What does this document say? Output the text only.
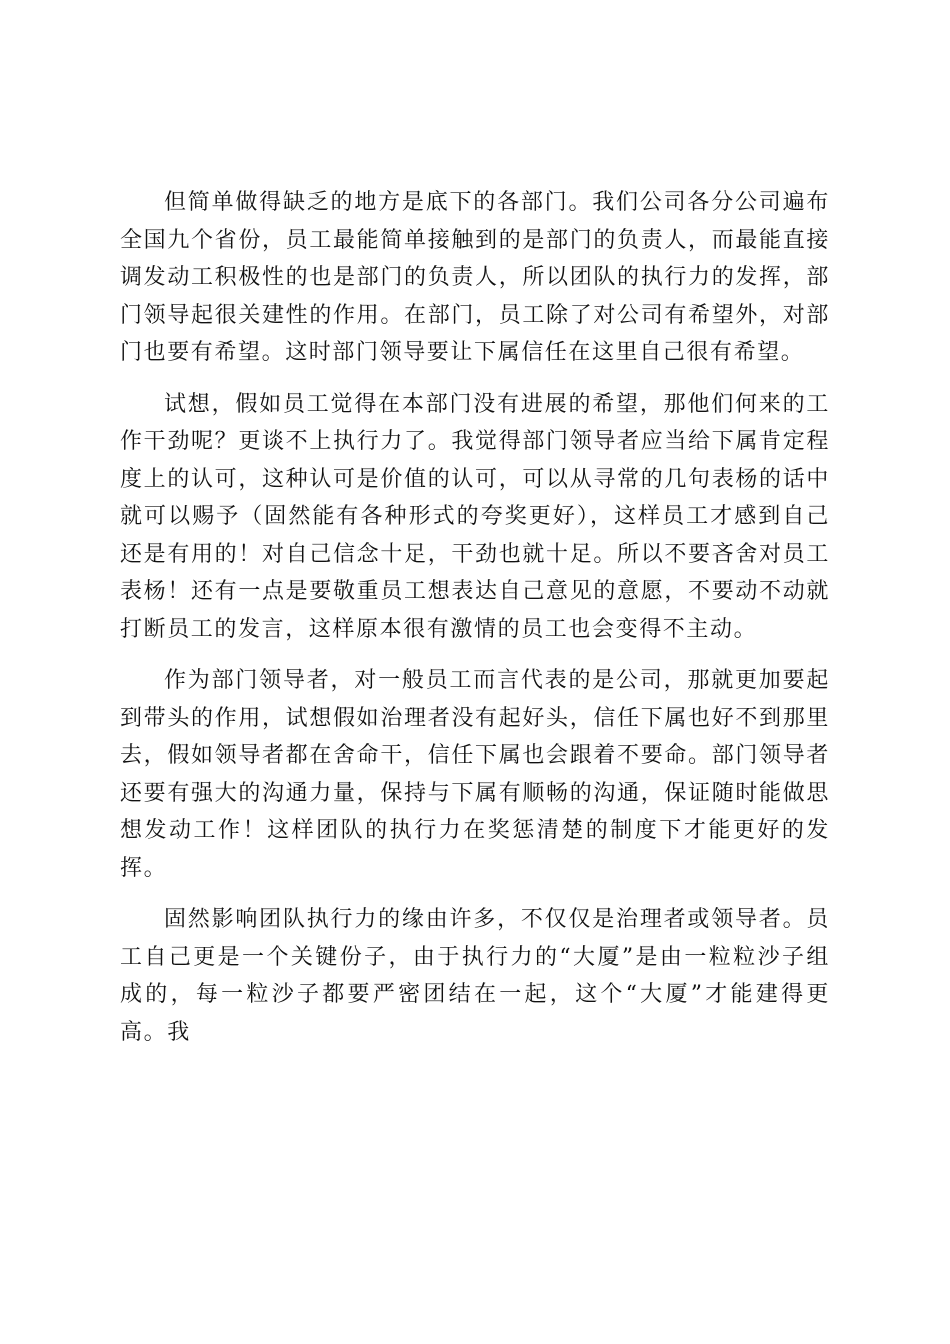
但简单做得缺乏的地方是底下的各部门。我们公司各分公司遍布全国九个省份，员工最能简单接触到的是部门的负责人，而最能直接调发动工积极性的也是部门的负责人，所以团队的执行力的发挥，部门领导起很关建性的作用。在部门，员工除了对公司有希望外，对部门也要有希望。这时部门领导要让下属信任在这里自己很有希望。

试想，假如员工觉得在本部门没有进展的希望，那他们何来的工作干劲呢？更谈不上执行力了。我觉得部门领导者应当给下属肯定程度上的认可，这种认可是价值的认可，可以从寻常的几句表杨的话中就可以赐予（固然能有各种形式的夸奖更好），这样员工才感到自己还是有用的！对自己信念十足，干劲也就十足。所以不要吝舍对员工表杨！还有一点是要敬重员工想表达自己意见的意愿，不要动不动就打断员工的发言，这样原本很有激情的员工也会变得不主动。

作为部门领导者，对一般员工而言代表的是公司，那就更加要起到带头的作用，试想假如治理者没有起好头，信任下属也好不到那里去，假如领导者都在舍命干，信任下属也会跟着不要命。部门领导者还要有强大的沟通力量，保持与下属有顺畅的沟通，保证随时能做思想发动工作！这样团队的执行力在奖惩清楚的制度下才能更好的发挥。

固然影响团队执行力的缘由许多，不仅仅是治理者或领导者。员工自己更是一个关键份子，由于执行力的“大厦”是由一粒粒沙子组成的，每一粒沙子都要严密团结在一起，这个“大厦”才能建得更高。我
